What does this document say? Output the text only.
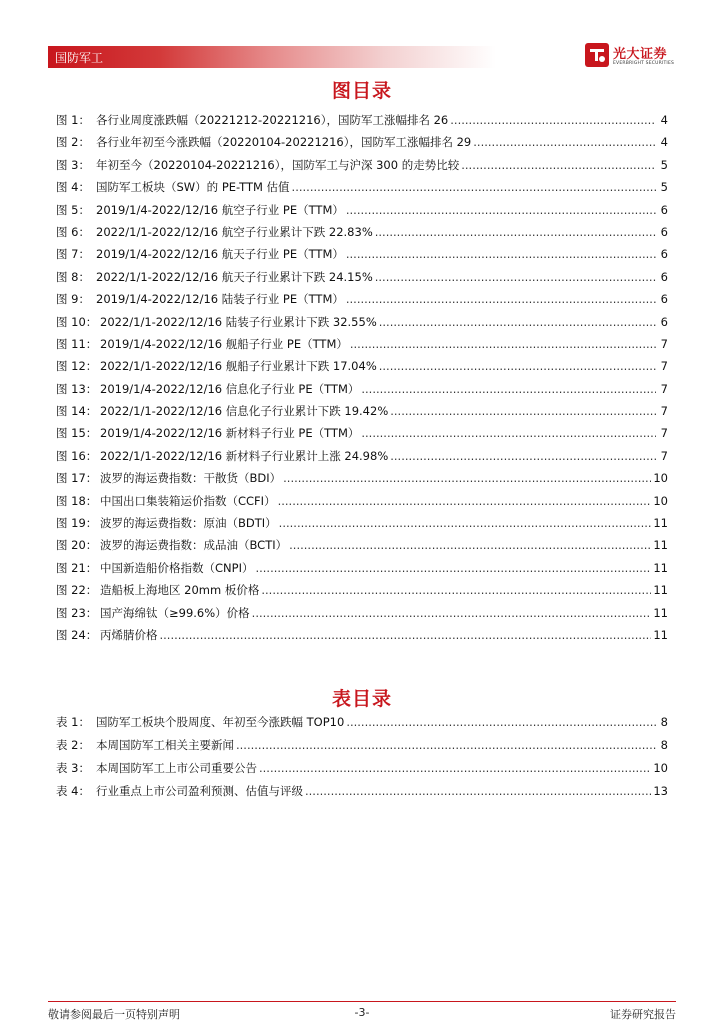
国防军工	光大证券
EVERBRIGHT SECURITIES
图目录
图 1： 各行业周度涨跌幅（20221212-20221216），国防军工涨幅排名 26 .....	4
图 2： 各行业年初至今涨跌幅（20220104-20221216），国防军工涨幅排名 29 .....	4
图 3： 年初至今（20220104-20221216），国防军工与沪深 300 的走势比较 .....	5
图 4： 国防军工板块（SW）的 PE-TTM 估值 .....	5
图 5： 2019/1/4-2022/12/16 航空子行业 PE（TTM） .....	6
图 6： 2022/1/1-2022/12/16 航空子行业累计下跌 22.83% .....	6
图 7： 2019/1/4-2022/12/16 航天子行业 PE（TTM） .....	6
图 8： 2022/1/1-2022/12/16 航天子行业累计下跌 24.15% .....	6
图 9： 2019/1/4-2022/12/16 陆装子行业 PE（TTM） .....	6
图 10： 2022/1/1-2022/12/16 陆装子行业累计下跌 32.55% .....	6
图 11： 2019/1/4-2022/12/16 舰船子行业 PE（TTM） .....	7
图 12： 2022/1/1-2022/12/16 舰船子行业累计下跌 17.04% .....	7
图 13： 2019/1/4-2022/12/16 信息化子行业 PE（TTM） .....	7
图 14： 2022/1/1-2022/12/16 信息化子行业累计下跌 19.42% .....	7
图 15： 2019/1/4-2022/12/16 新材料子行业 PE（TTM） .....	7
图 16： 2022/1/1-2022/12/16 新材料子行业累计上涨 24.98% .....	7
图 17： 波罗的海运费指数：干散货（BDI） .....	10
图 18： 中国出口集装箱运价指数（CCFI） .....	10
图 19： 波罗的海运费指数：原油（BDTI） .....	11
图 20： 波罗的海运费指数：成品油（BCTI） .....	11
图 21： 中国新造船价格指数（CNPI） .....	11
图 22： 造船板上海地区 20mm 板价格 .....	11
图 23： 国产海绵钛（≥99.6%）价格 .....	11
图 24： 丙烯腈价格 .....	11
表目录
表 1： 国防军工板块个股周度、年初至今涨跌幅 TOP10 .....	8
表 2： 本周国防军工相关主要新闻 .....	8
表 3： 本周国防军工上市公司重要公告 .....	10
表 4： 行业重点上市公司盈利预测、估值与评级 .....	13
敬请参阅最后一页特别声明	-3-	证券研究报告
